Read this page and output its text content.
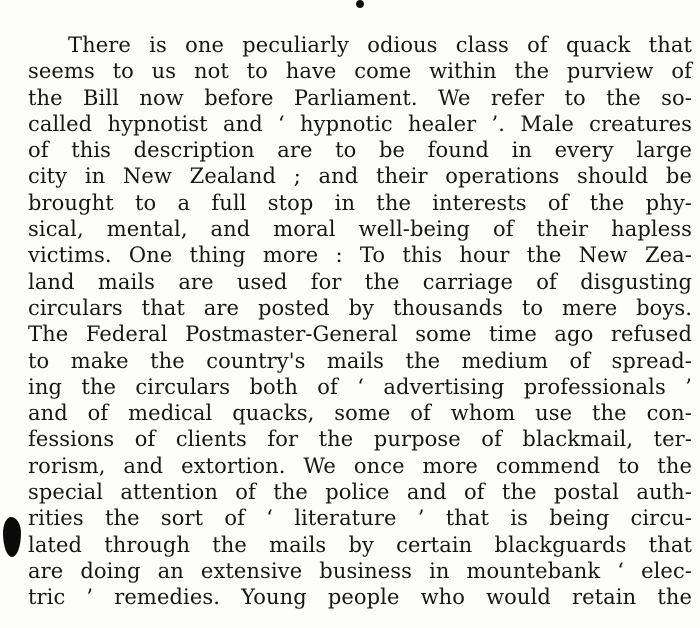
There is one peculiarly odious class of quack that
seems to us not to have come within the purview of
the Bill now before Parliament. We refer to the so-
called hypnotist and ‘ hypnotic healer ’. Male creatures
of this description are to be found in every large
city in New Zealand ; and their operations should be
brought to a full stop in the interests of the phy-
sical, mental, and moral well-being of their hapless
victims. One thing more : To this hour the New Zea-
land mails are used for the carriage of disgusting
circulars that are posted by thousands to mere boys.
The Federal Postmaster-General some time ago refused
to make the country's mails the medium of spread-
ing the circulars both of ‘ advertising professionals ’
and of medical quacks, some of whom use the con-
fessions of clients for the purpose of blackmail, ter-
rorism, and extortion. We once more commend to the
special attention of the police and of the postal auth-
rities the sort of ‘ literature ’ that is being circu-
lated through the mails by certain blackguards that
are doing an extensive business in mountebank ‘ elec-
tric ’ remedies. Young people who would retain the
